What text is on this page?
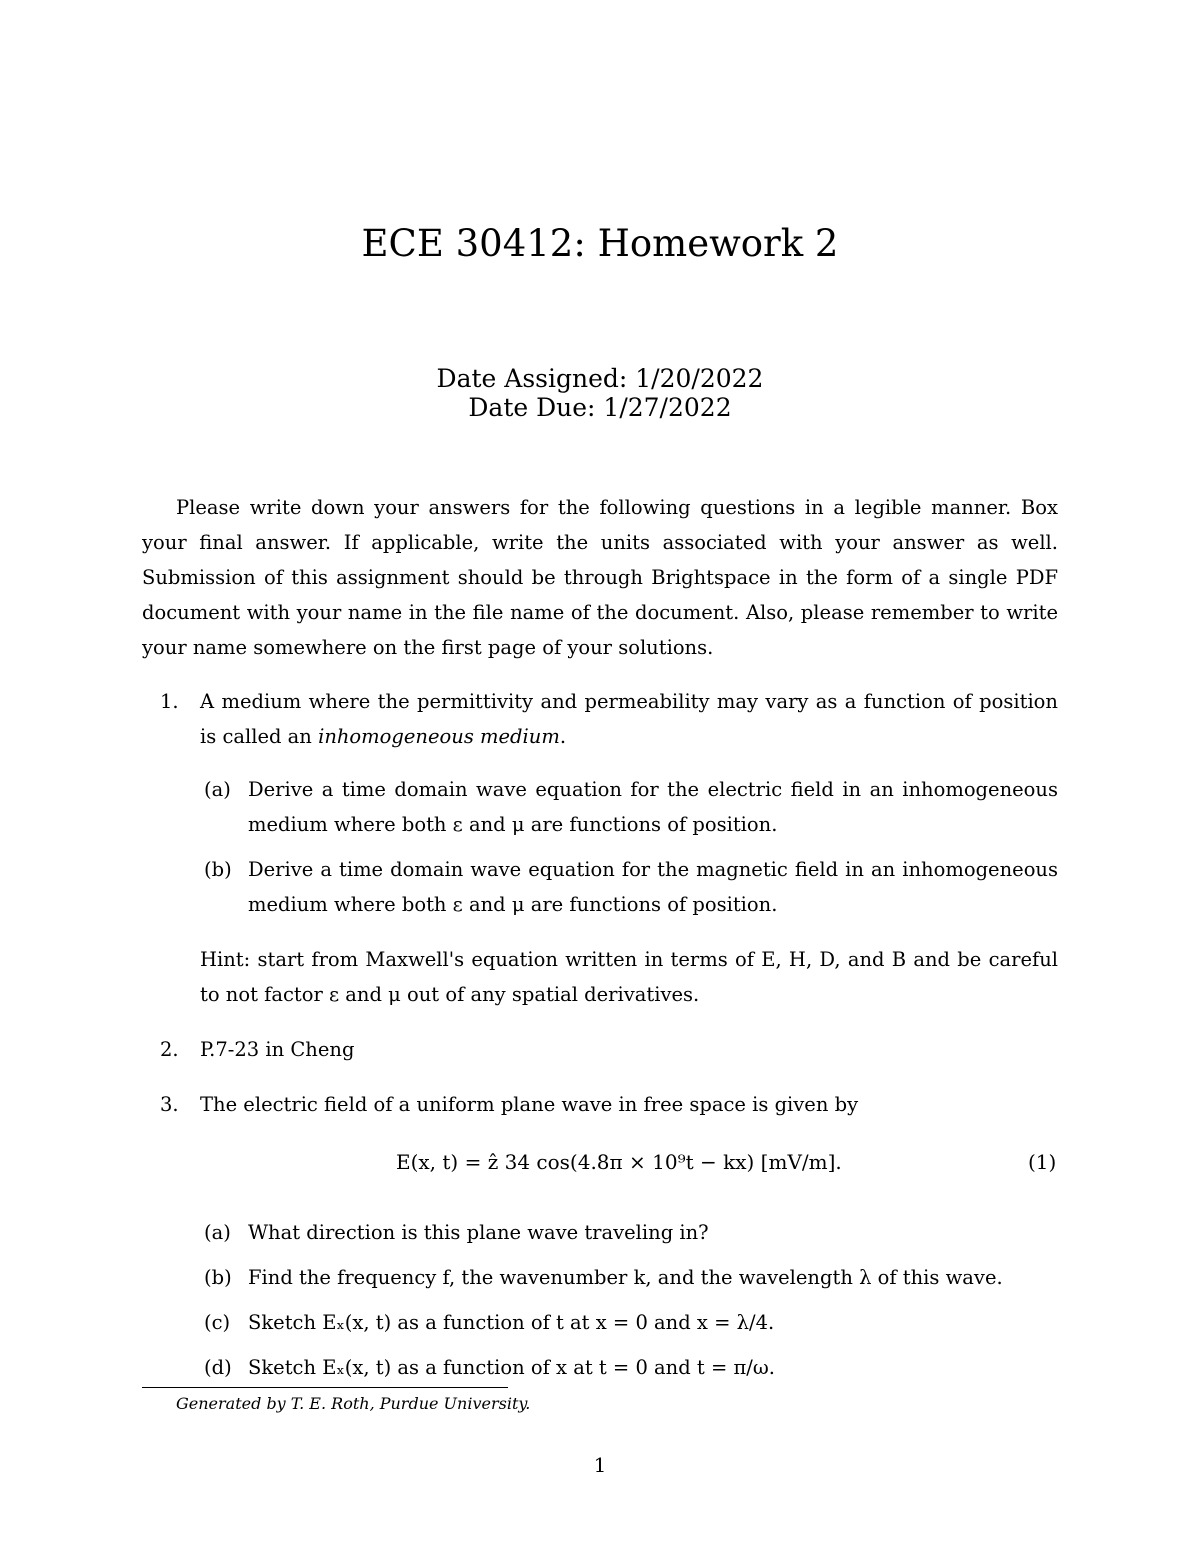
ECE 30412: Homework 2
Date Assigned: 1/20/2022
Date Due: 1/27/2022
Please write down your answers for the following questions in a legible manner. Box your final answer. If applicable, write the units associated with your answer as well. Submission of this assignment should be through Brightspace in the form of a single PDF document with your name in the file name of the document. Also, please remember to write your name somewhere on the first page of your solutions.
1. A medium where the permittivity and permeability may vary as a function of position is called an inhomogeneous medium.
(a) Derive a time domain wave equation for the electric field in an inhomogeneous medium where both ε and μ are functions of position.
(b) Derive a time domain wave equation for the magnetic field in an inhomogeneous medium where both ε and μ are functions of position.
Hint: start from Maxwell's equation written in terms of E, H, D, and B and be careful to not factor ε and μ out of any spatial derivatives.
2. P.7-23 in Cheng
3. The electric field of a uniform plane wave in free space is given by
E(x, t) = ẑ 34 cos(4.8π × 10⁹t − kx) [mV/m].	(1)
(a) What direction is this plane wave traveling in?
(b) Find the frequency f, the wavenumber k, and the wavelength λ of this wave.
(c) Sketch Eₓ(x, t) as a function of t at x = 0 and x = λ/4.
(d) Sketch Eₓ(x, t) as a function of x at t = 0 and t = π/ω.
Generated by T. E. Roth, Purdue University.
1
